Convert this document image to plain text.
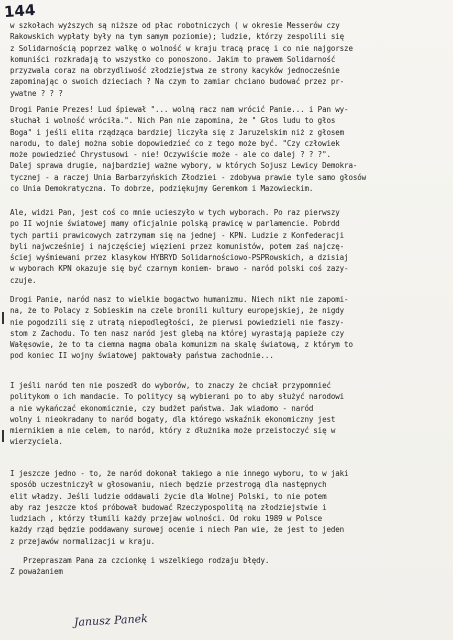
144
w szkołach wyższych są niższe od płac robotniczych ( w okresie Messerów czy
Rakowskich wypłaty były na tym samym poziomie); ludzie, którzy zespolili się
z Solidarnością poprzez walkę o wolność w kraju tracą pracę i co nie najgorsze
komuniści rozkradają to wszystko co ponoszono. Jakim to prawem Solidarność
przyzwala coraz na obrzydliwość złodziejstwa ze strony kacyków jednocześnie
zapominając o swoich dzieciach ? Na czym to zamiar chciano budować przez pr-
ywatne ? ? ?
Drogi Panie Prezes! Lud śpiewał "... wolną racz nam wrócić Panie... i Pan wy-
słuchał i wolność wróciła.". Nich Pan nie zapomina, że " Głos ludu to głos
Boga" i jeśli elita rządząca bardziej liczyła się z Jaruzelskim niż z głosem
narodu, to dalej można sobie dopowiedzieć co z tego może być. "Czy człowiek
może powiedzieć Chrystusowi - nie! Oczywiście może - ale co dalej ? ? ?".
Dalej sprawa drugie, najbardziej ważne wybory, w których Sojusz Lewicy Demokra-
tycznej - a raczej Unia Barbarzyńskich Złodziei - zdobywa prawie tyle samo głosów
co Unia Demokratyczna. To dobrze, podziękujmy Geremkom i Mazowieckim.
Ale, widzi Pan, jest coś co mnie ucieszyło w tych wyborach. Po raz pierwszy
po II wojnie światowej mamy oficjalnie polską prawicę w parlamencie. Pobrdd
tych partii prawicowych zatrzymam się na jednej - KPN. Ludzie z Konfederacji
byli najwcześniej i najczęściej więzieni przez komunistów, potem zaś najczę-
ściej wyśmiewani przez klasykow HYBRYD Solidarnościowo-PSPRowskich, a dzisiaj
w wyborach KPN okazuje się być czarnym koniem- brawo - naród polski coś zazy-
czuje.
Drogi Panie, naród nasz to wielkie bogactwo humanizmu. Niech nikt nie zapomi-
na, że to Polacy z Sobieskim na czele bronili kultury europejskiej, że nigdy
nie pogodzili się z utratą niepodległości, że pierwsi powiedzieli nie faszy-
stom z Zachodu. To ten nasz naród jest glebą na której wyrastają papieże czy
Wałęsowie, że to ta ciemna magma obala komunizm na skalę światową, z którym to
pod koniec II wojny światowej paktowały państwa zachodnie...
I jeśli naród ten nie poszedł do wyborów, to znaczy że chciał przypomnieć
politykom o ich mandacie. To politycy są wybierani po to aby służyć narodowi
a nie wykańczać ekonomicznie, czy budżet państwa. Jak wiadomo - naród
wolny i nieokradany to naród bogaty, dla którego wskaźnik ekonomiczny jest
miernikiem a nie celem, to naród, który z dłużnika może przeistoczyć się w
wierzyciela.
I jeszcze jedno - to, że naród dokonał takiego a nie innego wyboru, to w jaki
sposób uczestniczył w głosowaniu, niech będzie przestrogą dla następnych
elit władzy. Jeśli ludzie oddawali życie dla Wolnej Polski, to nie potem
aby raz jeszcze ktoś próbował budować Rzeczypospolitą na złodziejstwie i
ludziach , którzy tłumili każdy przejaw wolności. Od roku 1989 w Polsce
każdy rząd będzie poddawany surowej ocenie i niech Pan wie, że jest to jeden
z przejawów normalizacji w kraju.
Przepraszam Pana za czcionkę i wszelkiego rodzaju błędy.
Z poważaniem
Janusz Panek
